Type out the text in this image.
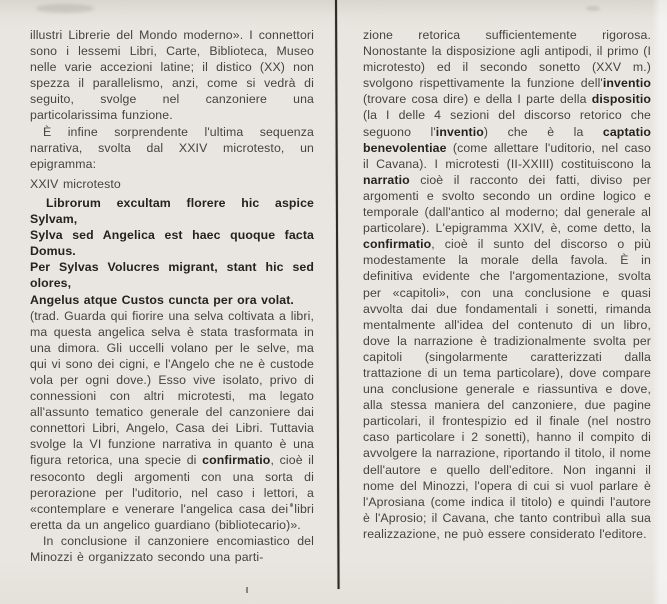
illustri Librerie del Mondo moderno». I connettori sono i lessemi Libri, Carte, Biblioteca, Museo nelle varie accezioni latine; il distico (XX) non spezza il parallelismo, anzi, come si vedrà di seguito, svolge nel canzoniere una particolarissima funzione.
È infine sorprendente l'ultima sequenza narrativa, svolta dal XXIV microtesto, un epigramma:
XXIV microtesto
Librorum excultam florere hic aspice Sylvam,
Sylva sed Angelica est haec quoque facta Domus.
Per Sylvas Volucres migrant, stant hic sed olores,
Angelus atque Custos cuncta per ora volat.
(trad. Guarda qui fiorire una selva coltivata a libri, ma questa angelica selva è stata trasformata in una dimora. Gli uccelli volano per le selve, ma qui vi sono dei cigni, e l'Angelo che ne è custode vola per ogni dove.) Esso vive isolato, privo di connessioni con altri microtesti, ma legato all'assunto tematico generale del canzoniere dai connettori Libri, Angelo, Casa dei Libri. Tuttavia svolge la VI funzione narrativa in quanto è una figura retorica, una specie di confirmatio, cioè il resoconto degli argomenti con una sorta di perorazione per l'uditorio, nel caso i lettori, a «contemplare e venerare l'angelica casa dei libri eretta da un angelico guardiano (bibliotecario)».
In conclusione il canzoniere encomiastico del Minozzi è organizzato secondo una parti-
zione retorica sufficientemente rigorosa. Nonostante la disposizione agli antipodi, il primo (I microtesto) ed il secondo sonetto (XXV m.) svolgono rispettivamente la funzione dell'inventio (trovare cosa dire) e della I parte della dispositio (la I delle 4 sezioni del discorso retorico che seguono l'inventio) che è la captatio benevolentiae (come allettare l'uditorio, nel caso il Cavana). I microtesti (II-XXIII) costituiscono la narratio cioè il racconto dei fatti, diviso per argomenti e svolto secondo un ordine logico e temporale (dall'antico al moderno; dal generale al particolare). L'epigramma XXIV, è, come detto, la confirmatio, cioè il sunto del discorso o più modestamente la morale della favola. È in definitiva evidente che l'argomentazione, svolta per «capitoli», con una conclusione e quasi avvolta dai due fondamentali i sonetti, rimanda mentalmente all'idea del contenuto di un libro, dove la narrazione è tradizionalmente svolta per capitoli (singolarmente caratterizzati dalla trattazione di un tema particolare), dove compare una conclusione generale e riassuntiva e dove, alla stessa maniera del canzoniere, due pagine particolari, il frontespizio ed il finale (nel nostro caso particolare i 2 sonetti), hanno il compito di avvolgere la narrazione, riportando il titolo, il nome dell'autore e quello dell'editore. Non inganni il nome del Minozzi, l'opera di cui si vuol parlare è l'Aprosiana (come indica il titolo) e quindi l'autore è l'Aprosio; il Cavana, che tanto contribuì alla sua realizzazione, ne può essere considerato l'editore.
